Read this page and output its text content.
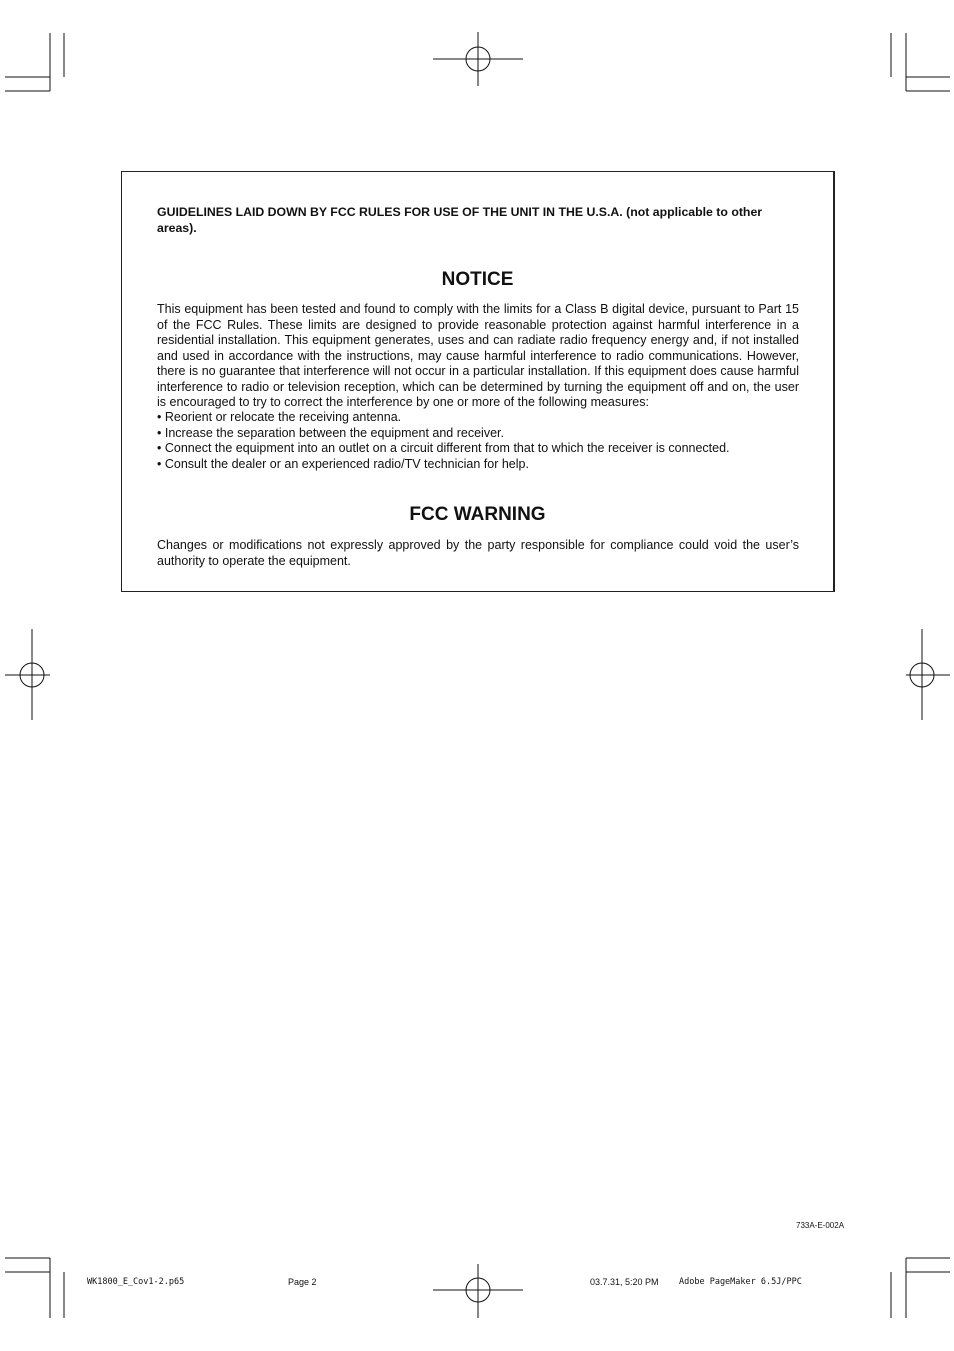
GUIDELINES LAID DOWN BY FCC RULES FOR USE OF THE UNIT IN THE U.S.A. (not applicable to other areas).

NOTICE

This equipment has been tested and found to comply with the limits for a Class B digital device, pursuant to Part 15 of the FCC Rules. These limits are designed to provide reasonable protection against harmful interference in a residential installation. This equipment generates, uses and can radiate radio frequency energy and, if not installed and used in accordance with the instructions, may cause harmful interference to radio communications. However, there is no guarantee that interference will not occur in a particular installation. If this equipment does cause harmful interference to radio or television reception, which can be determined by turning the equipment off and on, the user is encouraged to try to correct the interference by one or more of the following measures:

• Reorient or relocate the receiving antenna.
• Increase the separation between the equipment and receiver.
• Connect the equipment into an outlet on a circuit different from that to which the receiver is connected.
• Consult the dealer or an experienced radio/TV technician for help.
FCC WARNING

Changes or modifications not expressly approved by the party responsible for compliance could void the user’s authority to operate the equipment.

733A-E-002A
WK1800_E_Cov1-2.p65	Page 2	03.7.31, 5:20 PM Adobe PageMaker 6.5J/PPC
